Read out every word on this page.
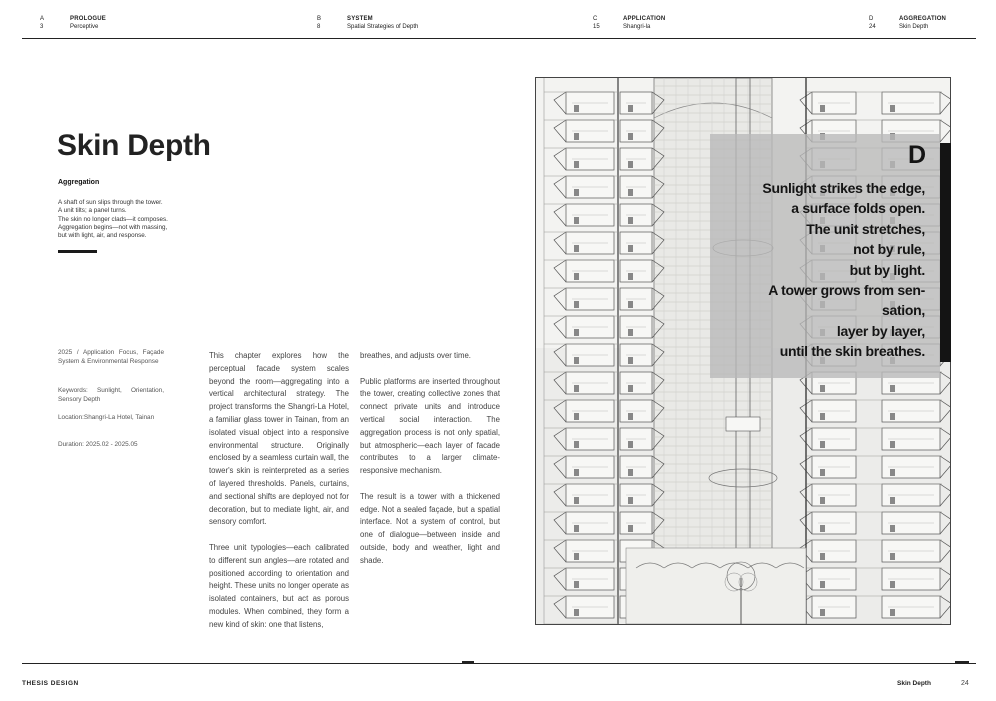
A
3
PROLOGUE
Perceptive
B
8
SYSTEM
Spatial Strategies of Depth
C
15
APPLICATION
Shangri-la
D
24
AGGREGATION
Skin Depth
Skin Depth
Aggregation
A shaft of sun slips through the tower.
A unit tilts; a panel turns.
The skin no longer clads—it composes.
Aggregation begins—not with massing,
but with light, air, and response.
2025 / Application Focus, Façade System & Environmental Response
Keywords: Sunlight, Orientation, Sensory Depth
Location:Shangri-La Hotel, Tainan
Duration: 2025.02 - 2025.05

This chapter explores how the perceptual facade system scales beyond the room—aggregating into a vertical architectural strategy. The project transforms the Shangri-La Hotel, a familiar glass tower in Tainan, from an isolated visual object into a responsive environmental structure. Originally enclosed by a seamless curtain wall, the tower's skin is reinterpreted as a series of layered thresholds. Panels, curtains, and sectional shifts are deployed not for decoration, but to mediate light, air, and sensory comfort.

Three unit typologies—each calibrated to different sun angles—are rotated and positioned according to orientation and height. These units no longer operate as isolated containers, but act as porous modules. When combined, they form a new kind of skin: one that listens,

breathes, and adjusts over time.

Public platforms are inserted throughout the tower, creating collective zones that connect private units and introduce vertical social interaction. The aggregation process is not only spatial, but atmospheric—each layer of facade contributes to a larger climate-responsive mechanism.

The result is a tower with a thickened edge. Not a sealed façade, but a spatial interface. Not a system of control, but one of dialogue—between inside and outside, body and weather, light and shade.

D
Sunlight strikes the edge,
a surface folds open.
The unit stretches,
not by rule,
but by light.
A tower grows from sen-
sation,
layer by layer,
until the skin breathes.
THESIS DESIGN	Skin Depth	24
